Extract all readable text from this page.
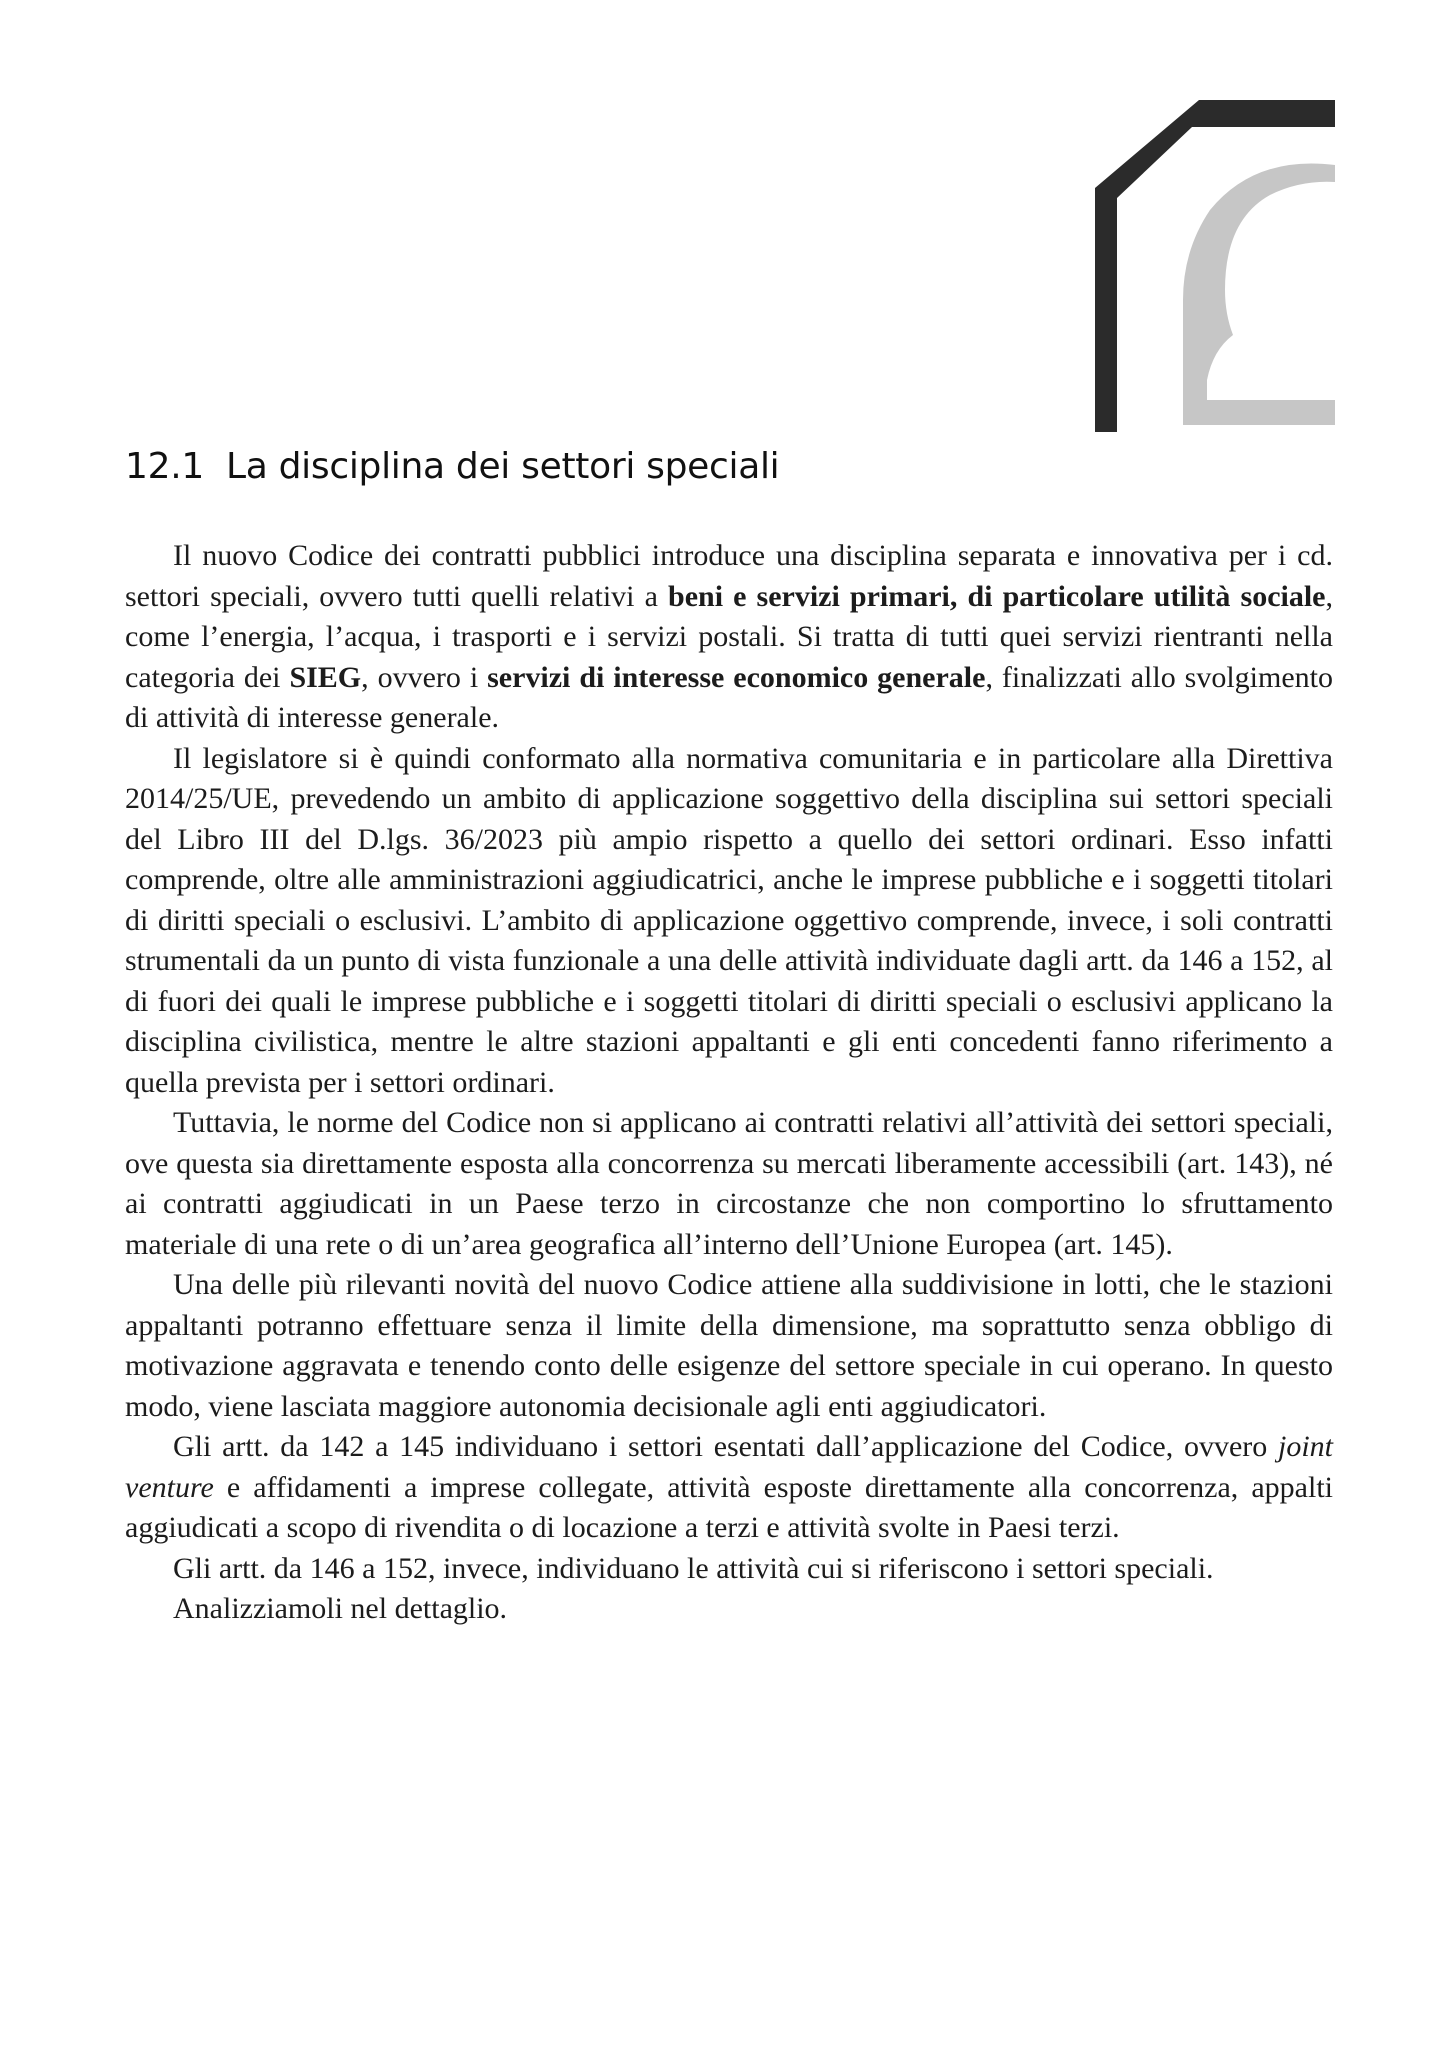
12.1 La disciplina dei settori speciali

Il nuovo Codice dei contratti pubblici introduce una disciplina separata e innovativa per i cd. settori speciali, ovvero tutti quelli relativi a beni e servizi primari, di particolare utilità sociale, come l’energia, l’acqua, i trasporti e i servizi postali. Si tratta di tutti quei servizi rientranti nella categoria dei SIEG, ovvero i servizi di interesse economico generale, finalizzati allo svolgimento di attività di interesse generale.

Il legislatore si è quindi conformato alla normativa comunitaria e in particolare alla Direttiva 2014/25/UE, prevedendo un ambito di applicazione soggettivo della disciplina sui settori speciali del Libro III del D.lgs. 36/2023 più ampio rispetto a quello dei settori ordinari. Esso infatti comprende, oltre alle amministrazioni aggiudicatrici, anche le imprese pubbliche e i soggetti titolari di diritti speciali o esclusivi. L’ambito di applicazione oggettivo comprende, invece, i soli contratti strumentali da un punto di vista funzionale a una delle attività individuate dagli artt. da 146 a 152, al di fuori dei quali le imprese pubbliche e i soggetti titolari di diritti speciali o esclusivi applicano la disciplina civilistica, mentre le altre stazioni appaltanti e gli enti concedenti fanno riferimento a quella prevista per i settori ordinari.

Tuttavia, le norme del Codice non si applicano ai contratti relativi all’attività dei settori speciali, ove questa sia direttamente esposta alla concorrenza su mercati liberamente accessibili (art. 143), né ai contratti aggiudicati in un Paese terzo in circostanze che non comportino lo sfruttamento materiale di una rete o di un’area geografica all’interno dell’Unione Europea (art. 145).

Una delle più rilevanti novità del nuovo Codice attiene alla suddivisione in lotti, che le stazioni appaltanti potranno effettuare senza il limite della dimensione, ma soprattutto senza obbligo di motivazione aggravata e tenendo conto delle esigenze del settore speciale in cui operano. In questo modo, viene lasciata maggiore autonomia decisionale agli enti aggiudicatori.

Gli artt. da 142 a 145 individuano i settori esentati dall’applicazione del Codice, ovvero joint venture e affidamenti a imprese collegate, attività esposte direttamente alla concorrenza, appalti aggiudicati a scopo di rivendita o di locazione a terzi e attività svolte in Paesi terzi.

Gli artt. da 146 a 152, invece, individuano le attività cui si riferiscono i settori speciali.

Analizziamoli nel dettaglio.
